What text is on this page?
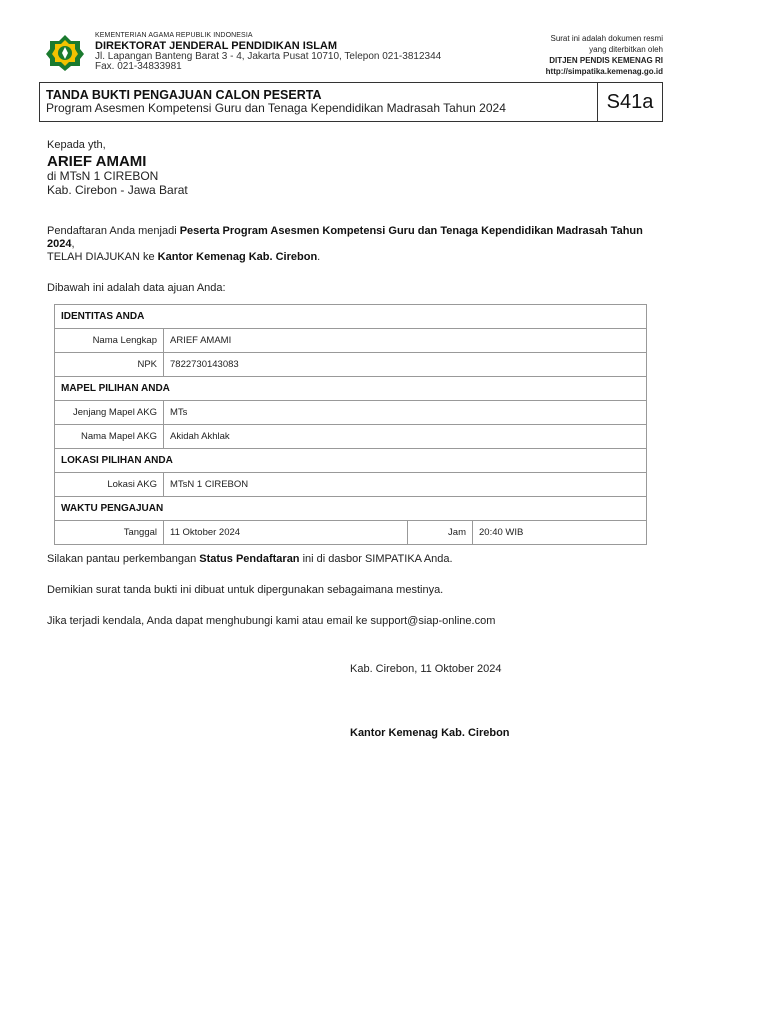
KEMENTERIAN AGAMA REPUBLIK INDONESIA
DIREKTORAT JENDERAL PENDIDIKAN ISLAM
Jl. Lapangan Banteng Barat 3 - 4, Jakarta Pusat 10710, Telepon 021-3812344
Fax. 021-34833981
Surat ini adalah dokumen resmi
yang diterbitkan oleh
DITJEN PENDIS KEMENAG RI
http://simpatika.kemenag.go.id
TANDA BUKTI PENGAJUAN CALON PESERTA
Program Asesmen Kompetensi Guru dan Tenaga Kependidikan Madrasah Tahun 2024	S41a
Kepada yth,
ARIEF AMAMI
di MTsN 1 CIREBON
Kab. Cirebon - Jawa Barat
Pendaftaran Anda menjadi Peserta Program Asesmen Kompetensi Guru dan Tenaga Kependidikan Madrasah Tahun 2024,
TELAH DIAJUKAN ke Kantor Kemenag Kab. Cirebon.
Dibawah ini adalah data ajuan Anda:
IDENTITAS ANDA			
Nama Lengkap	ARIEF AMAMI		
NPK	7822730143083		
MAPEL PILIHAN ANDA			
Jenjang Mapel AKG	MTs		
Nama Mapel AKG	Akidah Akhlak		
LOKASI PILIHAN ANDA			
Lokasi AKG	MTsN 1 CIREBON		
WAKTU PENGAJUAN			
Tanggal	11 Oktober 2024	Jam	20:40 WIB
Silakan pantau perkembangan Status Pendaftaran ini di dasbor SIMPATIKA Anda.
Demikian surat tanda bukti ini dibuat untuk dipergunakan sebagaimana mestinya.
Jika terjadi kendala, Anda dapat menghubungi kami atau email ke support@siap-online.com
Kab. Cirebon, 11 Oktober 2024
Kantor Kemenag Kab. Cirebon
